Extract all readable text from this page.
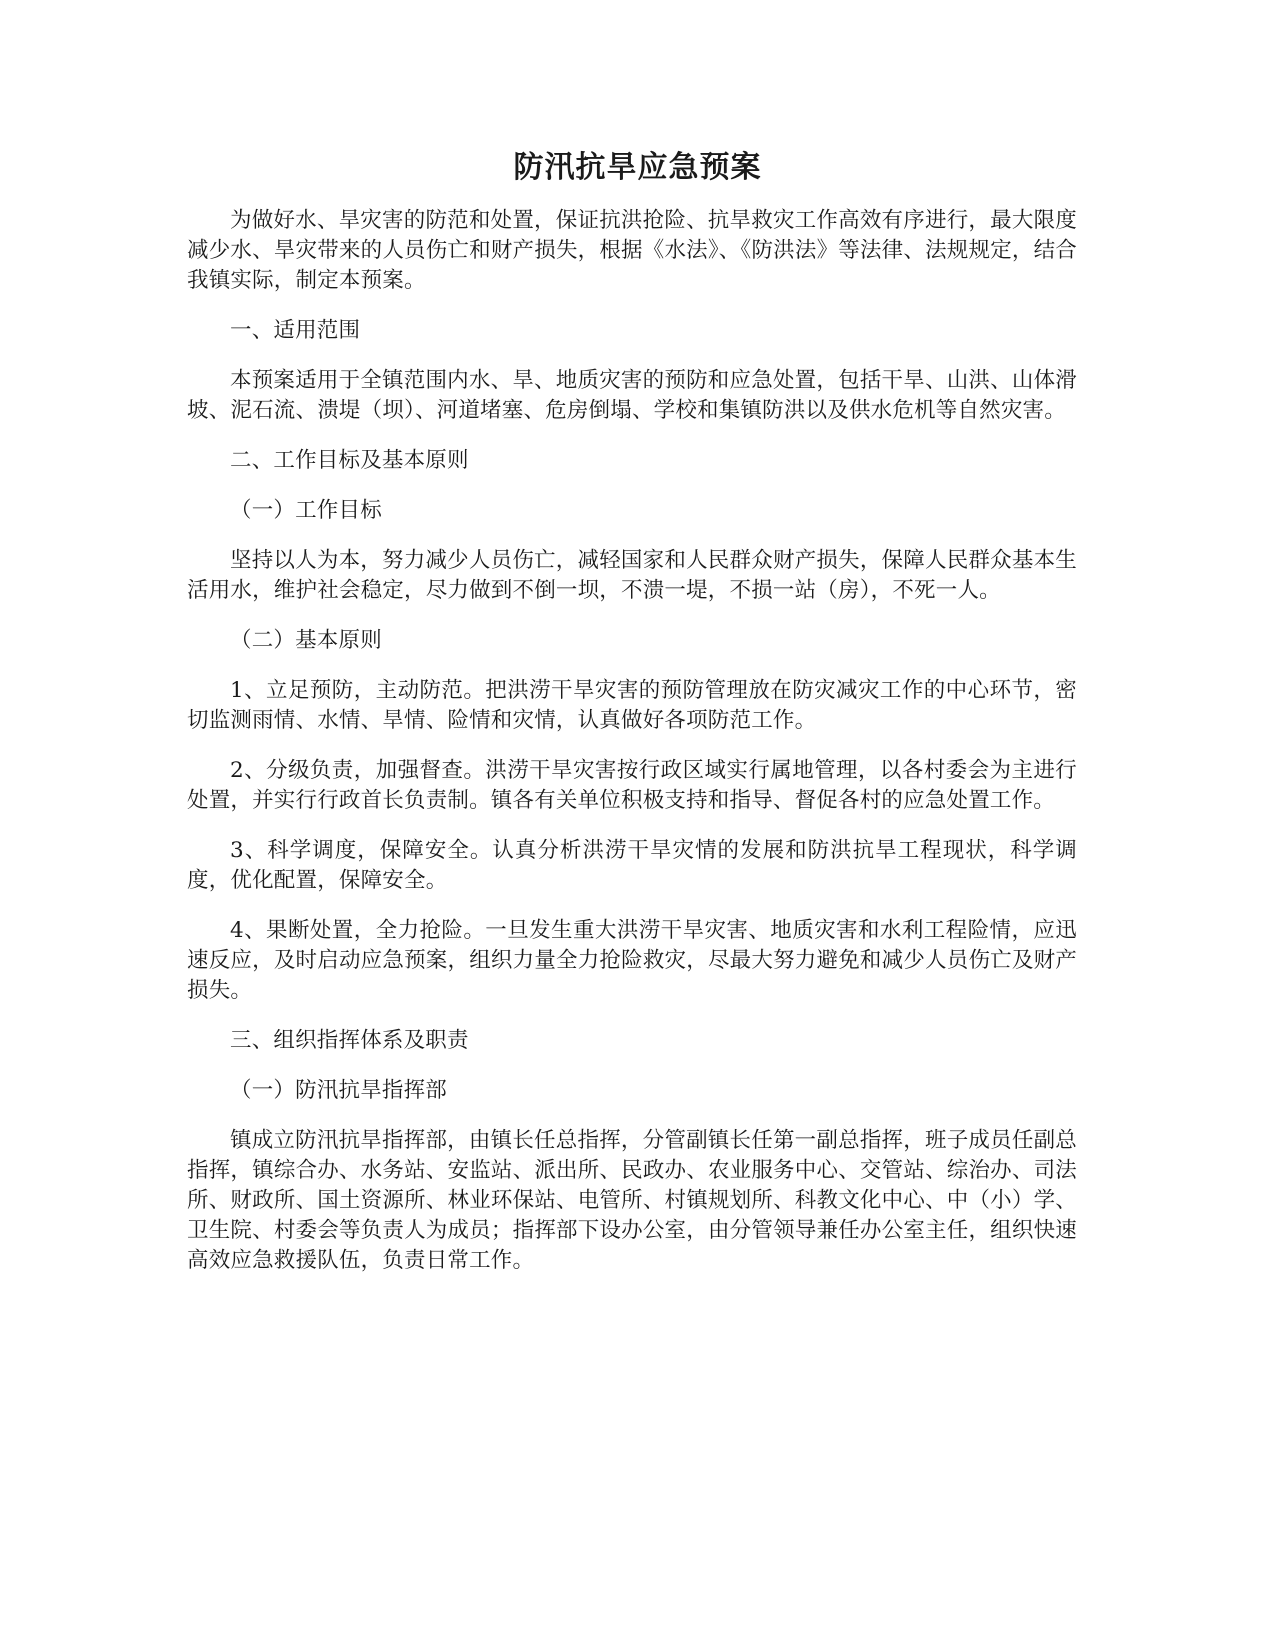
防汛抗旱应急预案

为做好水、旱灾害的防范和处置，保证抗洪抢险、抗旱救灾工作高效有序进行，最大限度减少水、旱灾带来的人员伤亡和财产损失，根据《水法》、《防洪法》等法律、法规规定，结合我镇实际，制定本预案。

一、适用范围

本预案适用于全镇范围内水、旱、地质灾害的预防和应急处置，包括干旱、山洪、山体滑坡、泥石流、溃堤（坝）、河道堵塞、危房倒塌、学校和集镇防洪以及供水危机等自然灾害。

二、工作目标及基本原则

（一）工作目标

坚持以人为本，努力减少人员伤亡，减轻国家和人民群众财产损失，保障人民群众基本生活用水，维护社会稳定，尽力做到不倒一坝，不溃一堤，不损一站（房），不死一人。

（二）基本原则

1、立足预防，主动防范。把洪涝干旱灾害的预防管理放在防灾减灾工作的中心环节，密切监测雨情、水情、旱情、险情和灾情，认真做好各项防范工作。

2、分级负责，加强督查。洪涝干旱灾害按行政区域实行属地管理，以各村委会为主进行处置，并实行行政首长负责制。镇各有关单位积极支持和指导、督促各村的应急处置工作。

3、科学调度，保障安全。认真分析洪涝干旱灾情的发展和防洪抗旱工程现状，科学调度，优化配置，保障安全。

4、果断处置，全力抢险。一旦发生重大洪涝干旱灾害、地质灾害和水利工程险情，应迅速反应，及时启动应急预案，组织力量全力抢险救灾，尽最大努力避免和减少人员伤亡及财产损失。

三、组织指挥体系及职责

（一）防汛抗旱指挥部

镇成立防汛抗旱指挥部，由镇长任总指挥，分管副镇长任第一副总指挥，班子成员任副总指挥，镇综合办、水务站、安监站、派出所、民政办、农业服务中心、交管站、综治办、司法所、财政所、国土资源所、林业环保站、电管所、村镇规划所、科教文化中心、中（小）学、卫生院、村委会等负责人为成员；指挥部下设办公室，由分管领导兼任办公室主任，组织快速高效应急救援队伍，负责日常工作。
